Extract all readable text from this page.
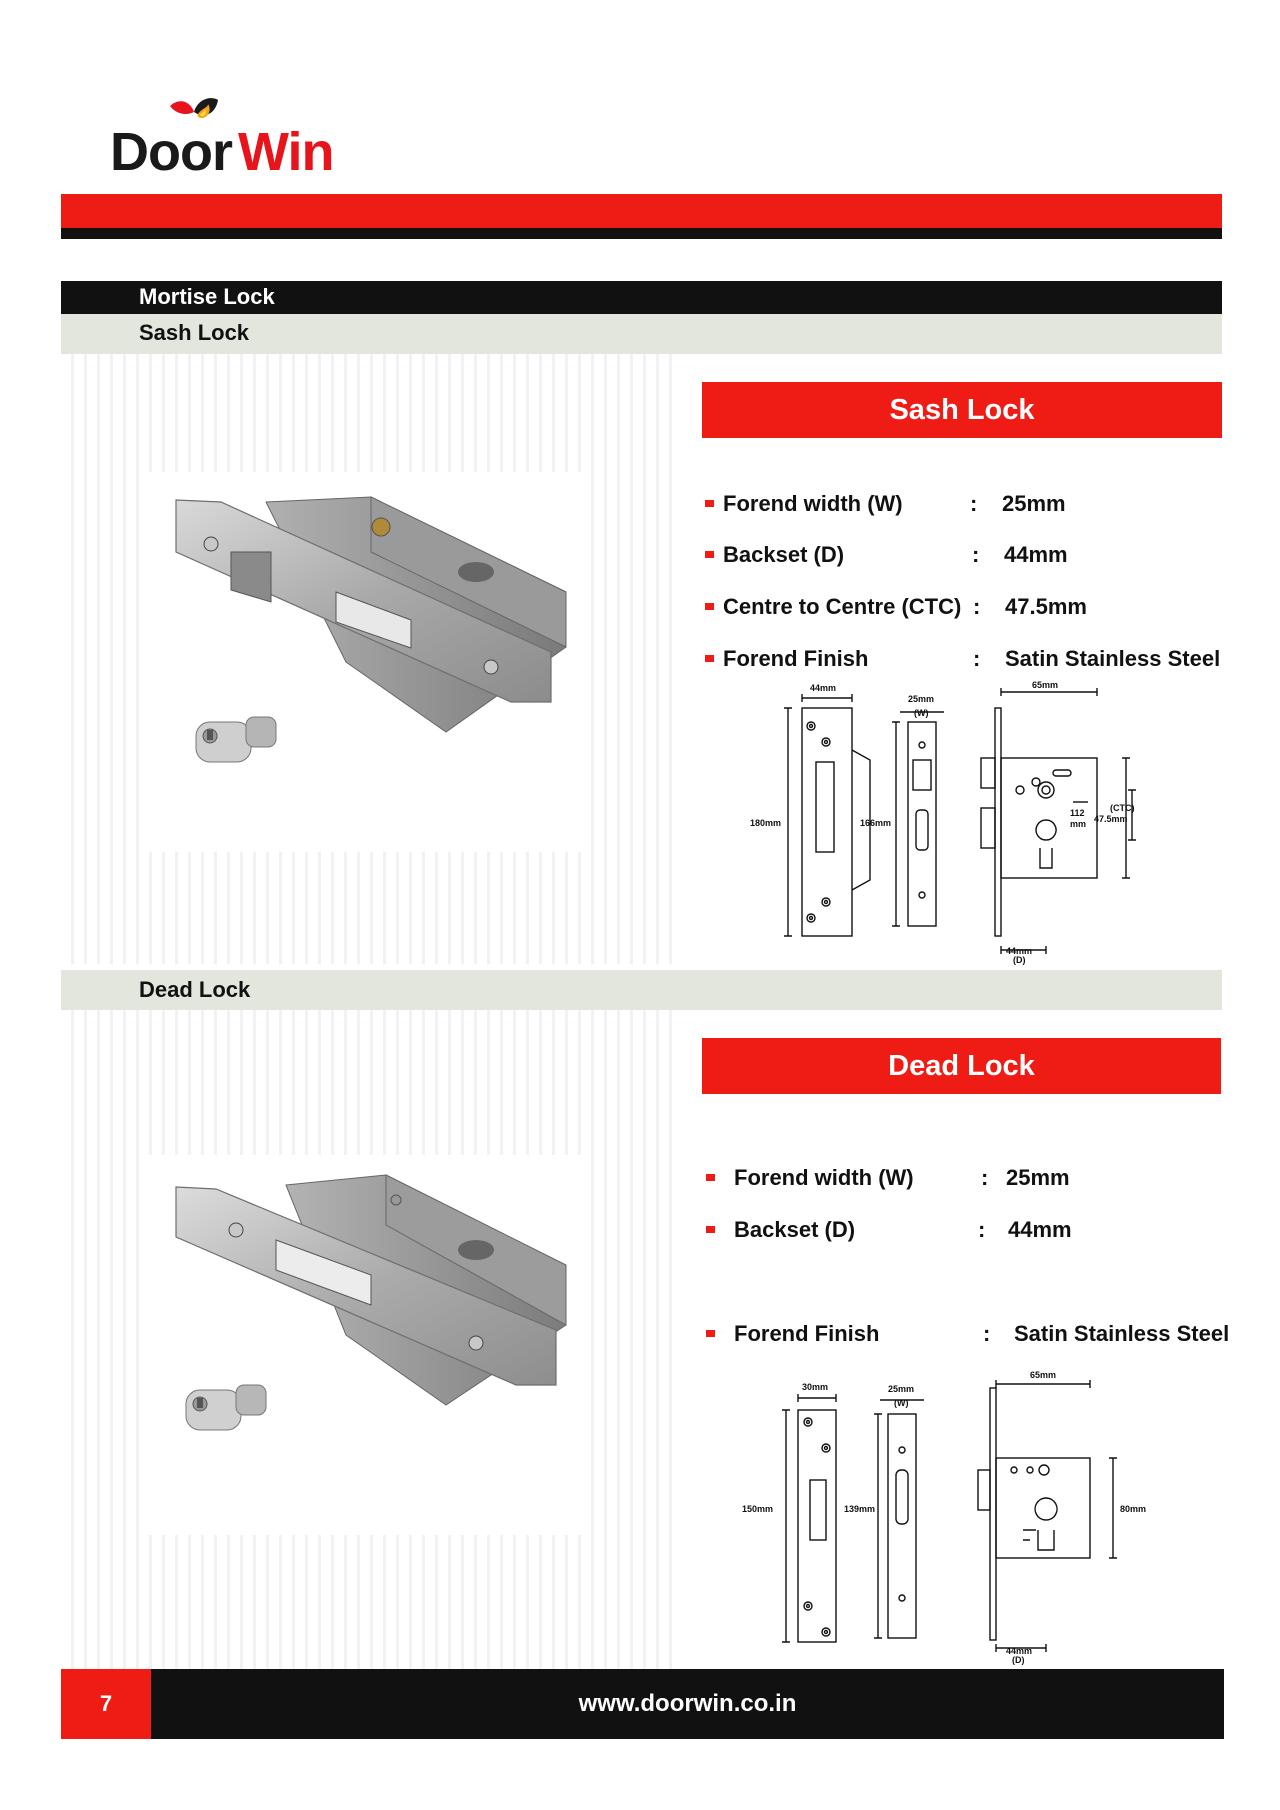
Door Win
Mortise Lock
Sash Lock
Sash Lock
Forend width (W)	: 25mm
Backset (D)	: 44mm
Centre to Centre (CTC) : 47.5mm
Forend Finish	: Satin Stainless Steel
44mm
25mm
(W)
65mm
180mm	166mm
112
mm
(CTC)
47.5mm
44mm
(D)
Dead Lock
Dead Lock
Forend width (W)	: 25mm
Backset (D)	: 44mm
Forend Finish	: Satin Stainless Steel
30mm	25mm
(W)
65mm
150mm	139mm	80mm
44mm
(D)
7	www.doorwin.co.in
